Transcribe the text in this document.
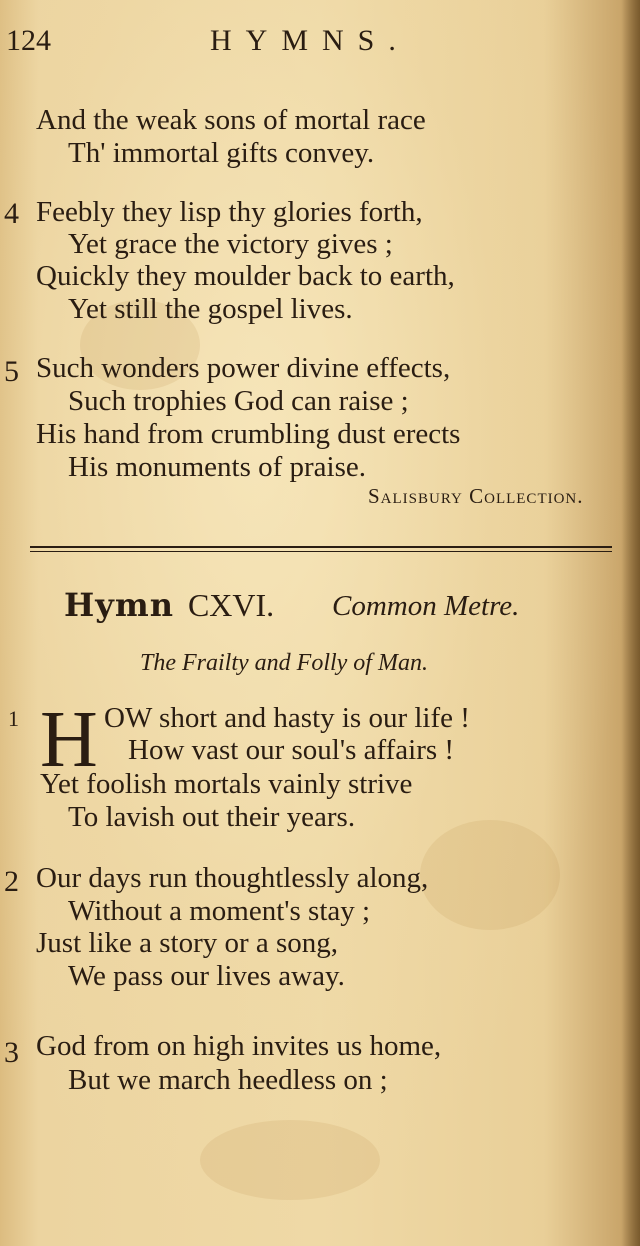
124	HYMNS.
And the weak sons of mortal race
Th' immortal gifts convey.
4 Feebly they lisp thy glories forth,
Yet grace the victory gives ;
Quickly they moulder back to earth,
Yet still the gospel lives.
5 Such wonders power divine effects,
Such trophies God can raise ;
His hand from crumbling dust erects
His monuments of praise.
Salisbury Collection.
Hymn CXVI. Common Metre.
The Frailty and Folly of Man.
1 H OW short and hasty is our life !
How vast our soul's affairs !
Yet foolish mortals vainly strive
To lavish out their years.
2 Our days run thoughtlessly along,
Without a moment's stay ;
Just like a story or a song,
We pass our lives away.
3 God from on high invites us home,
But we march heedless on ;
